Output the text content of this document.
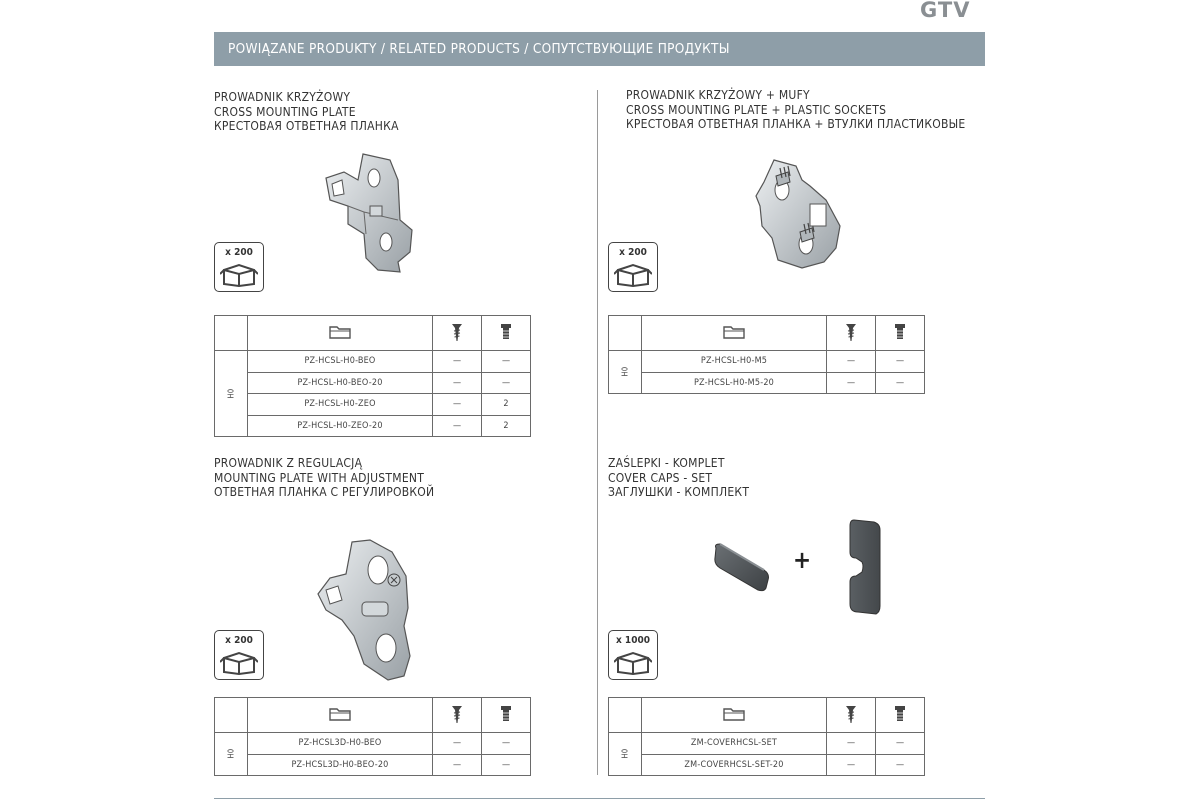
GTV
POWIĄZANE PRODUKTY / RELATED PRODUCTS / СОПУТСТВУЮЩИЕ ПРОДУКТЫ
PROWADNIK KRZYŻOWY
CROSS MOUNTING PLATE
КРЕСТОВАЯ ОТВЕТНАЯ ПЛАНКА
x 200

H0	PZ-HCSL-H0-BEO	—	—
	PZ-HCSL-H0-BEO-20	—	—
	PZ-HCSL-H0-ZEO	—	2
	PZ-HCSL-H0-ZEO-20	—	2
PROWADNIK KRZYŻOWY + MUFY
CROSS MOUNTING PLATE + PLASTIC SOCKETS
КРЕСТОВАЯ ОТВЕТНАЯ ПЛАНКА + ВТУЛКИ ПЛАСТИКОВЫЕ
x 200

H0	PZ-HCSL-H0-M5	—	—
	PZ-HCSL-H0-M5-20	—	—
PROWADNIK Z REGULACJĄ
MOUNTING PLATE WITH ADJUSTMENT
ОТВЕТНАЯ ПЛАНКА С РЕГУЛИРОВКОЙ
x 200

H0	PZ-HCSL3D-H0-BEO	—	—
	PZ-HCSL3D-H0-BEO-20	—	—
ZAŚLEPKI - KOMPLET
COVER CAPS - SET
ЗАГЛУШКИ - КОМПЛЕКТ
+
x 1000

H0	ZM-COVERHCSL-SET	—	—
	ZM-COVERHCSL-SET-20	—	—
